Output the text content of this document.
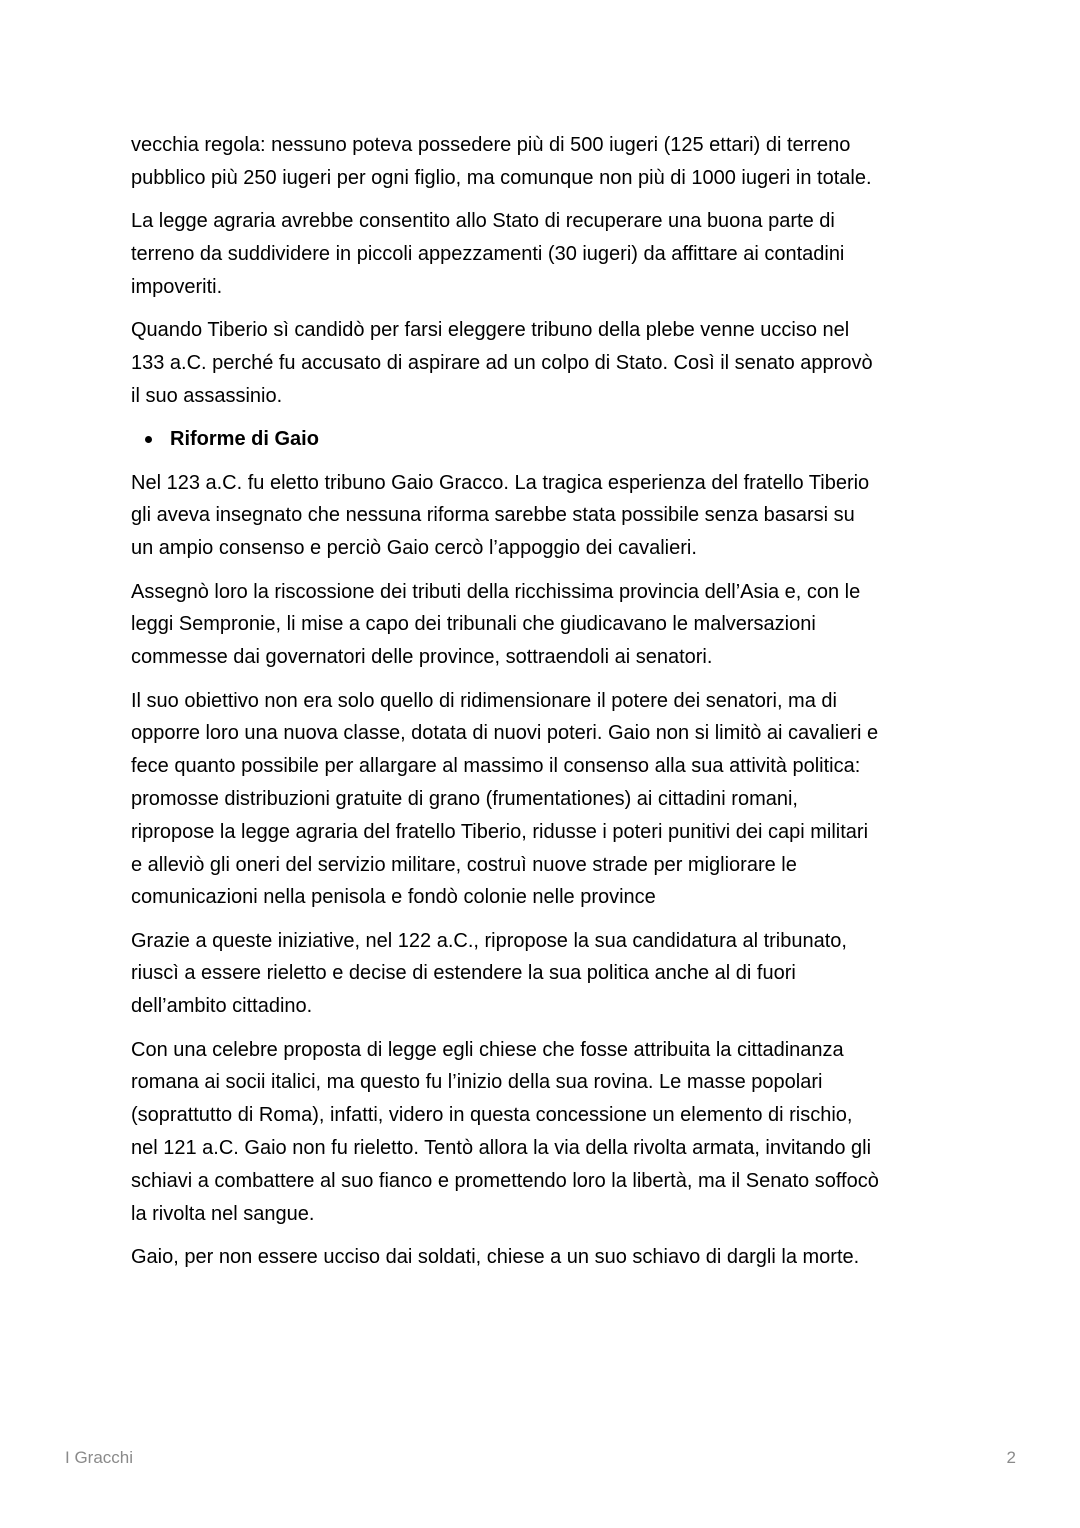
vecchia regola: nessuno poteva possedere più di 500 iugeri (125 ettari) di terreno
pubblico più 250 iugeri per ogni figlio, ma comunque non più di 1000 iugeri in totale.

La legge agraria avrebbe consentito allo Stato di recuperare una buona parte di
terreno da suddividere in piccoli appezzamenti (30 iugeri) da affittare ai contadini
impoveriti.

Quando Tiberio sì candidò per farsi eleggere tribuno della plebe venne ucciso nel
133 a.C. perché fu accusato di aspirare ad un colpo di Stato. Così il senato approvò
il suo assassinio.

Riforme di Gaio

Nel 123 a.C. fu eletto tribuno Gaio Gracco. La tragica esperienza del fratello Tiberio
gli aveva insegnato che nessuna riforma sarebbe stata possibile senza basarsi su
un ampio consenso e perciò Gaio cercò l’appoggio dei cavalieri.

Assegnò loro la riscossione dei tributi della ricchissima provincia dell’Asia e, con le
leggi Sempronie, li mise a capo dei tribunali che giudicavano le malversazioni
commesse dai governatori delle province, sottraendoli ai senatori.

Il suo obiettivo non era solo quello di ridimensionare il potere dei senatori, ma di
opporre loro una nuova classe, dotata di nuovi poteri. Gaio non si limitò ai cavalieri e
fece quanto possibile per allargare al massimo il consenso alla sua attività politica:
promosse distribuzioni gratuite di grano (frumentationes) ai cittadini romani,
ripropose la legge agraria del fratello Tiberio, ridusse i poteri punitivi dei capi militari
e alleviò gli oneri del servizio militare, costruì nuove strade per migliorare le
comunicazioni nella penisola e fondò colonie nelle province

Grazie a queste iniziative, nel 122 a.C., ripropose la sua candidatura al tribunato,
riuscì a essere rieletto e decise di estendere la sua politica anche al di fuori
dell’ambito cittadino.

Con una celebre proposta di legge egli chiese che fosse attribuita la cittadinanza
romana ai socii italici, ma questo fu l’inizio della sua rovina. Le masse popolari
(soprattutto di Roma), infatti, videro in questa concessione un elemento di rischio,
nel 121 a.C. Gaio non fu rieletto. Tentò allora la via della rivolta armata, invitando gli
schiavi a combattere al suo fianco e promettendo loro la libertà, ma il Senato soffocò
la rivolta nel sangue.

Gaio, per non essere ucciso dai soldati, chiese a un suo schiavo di dargli la morte.

I Gracchi	2
